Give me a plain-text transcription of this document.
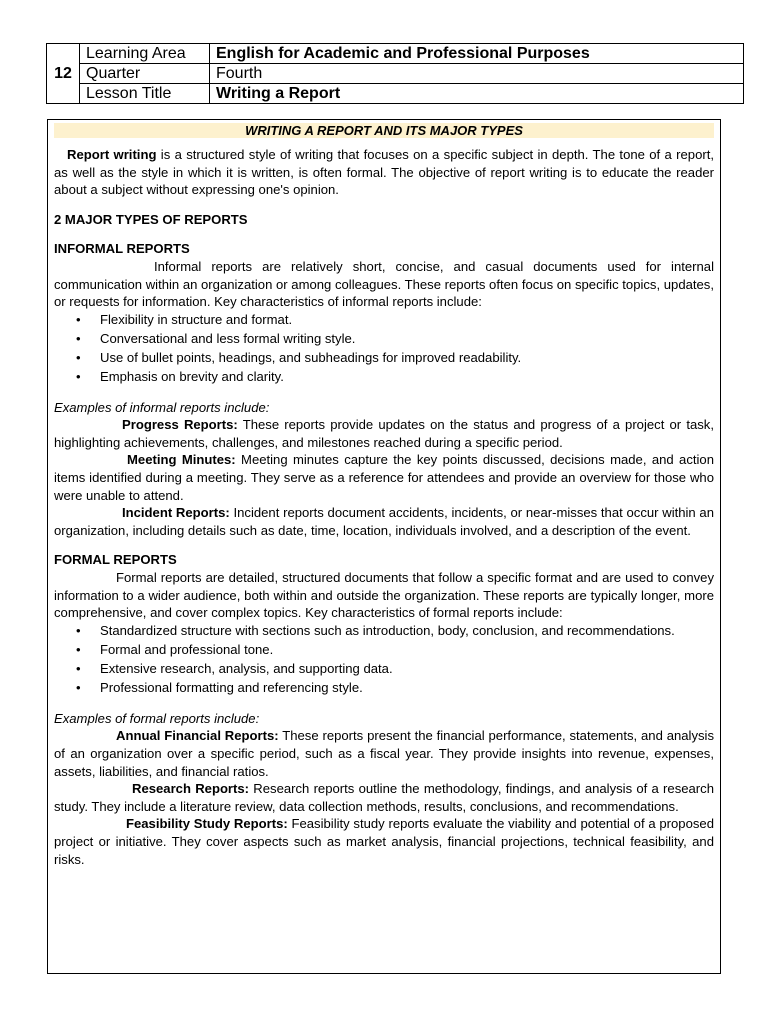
12	Learning Area	English for Academic and Professional Purposes
	Quarter	Fourth
	Lesson Title	Writing a Report
WRITING A REPORT AND ITS MAJOR TYPES

Report writing is a structured style of writing that focuses on a specific subject in depth. The tone of a report, as well as the style in which it is written, is often formal. The objective of report writing is to educate the reader about a subject without expressing one's opinion.

2 MAJOR TYPES OF REPORTS

INFORMAL REPORTS

Informal reports are relatively short, concise, and casual documents used for internal communication within an organization or among colleagues. These reports often focus on specific topics, updates, or requests for information. Key characteristics of informal reports include:

• Flexibility in structure and format.
• Conversational and less formal writing style.
• Use of bullet points, headings, and subheadings for improved readability.
• Emphasis on brevity and clarity.

Examples of informal reports include:

Progress Reports: These reports provide updates on the status and progress of a project or task, highlighting achievements, challenges, and milestones reached during a specific period.

Meeting Minutes: Meeting minutes capture the key points discussed, decisions made, and action items identified during a meeting. They serve as a reference for attendees and provide an overview for those who were unable to attend.

Incident Reports: Incident reports document accidents, incidents, or near-misses that occur within an organization, including details such as date, time, location, individuals involved, and a description of the event.

FORMAL REPORTS

Formal reports are detailed, structured documents that follow a specific format and are used to convey information to a wider audience, both within and outside the organization. These reports are typically longer, more comprehensive, and cover complex topics. Key characteristics of formal reports include:

• Standardized structure with sections such as introduction, body, conclusion, and recommendations.
• Formal and professional tone.
• Extensive research, analysis, and supporting data.
• Professional formatting and referencing style.

Examples of formal reports include:

Annual Financial Reports: These reports present the financial performance, statements, and analysis of an organization over a specific period, such as a fiscal year. They provide insights into revenue, expenses, assets, liabilities, and financial ratios.

Research Reports: Research reports outline the methodology, findings, and analysis of a research study. They include a literature review, data collection methods, results, conclusions, and recommendations.

Feasibility Study Reports: Feasibility study reports evaluate the viability and potential of a proposed project or initiative. They cover aspects such as market analysis, financial projections, technical feasibility, and risks.
